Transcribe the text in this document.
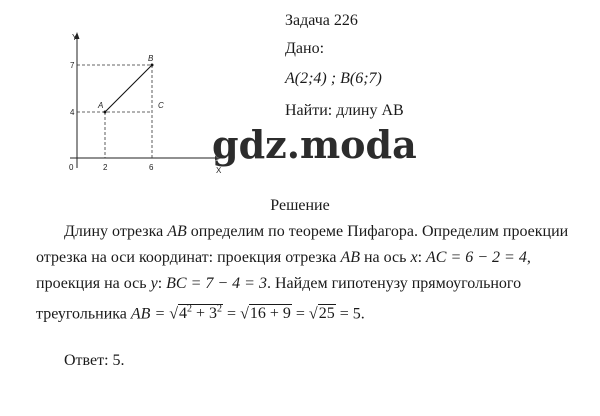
Задача 226
Дано:
A(2;4) ; B(6;7)
Найти: длину AB
Y
X
0	2	6
4
7
A
B
C
gdz.moda
Решение
Длину отрезка AB определим по теореме Пифагора. Определим проекции отрезка на оси координат: проекция отрезка AB на ось x: AC = 6 − 2 = 4, проекция на ось y: BC = 7 − 4 = 3. Найдем гипотенузу прямоугольного треугольника AB = $√4^2 + 3^2 = √16 + 9 = √25 = 5$.
Ответ: 5.
